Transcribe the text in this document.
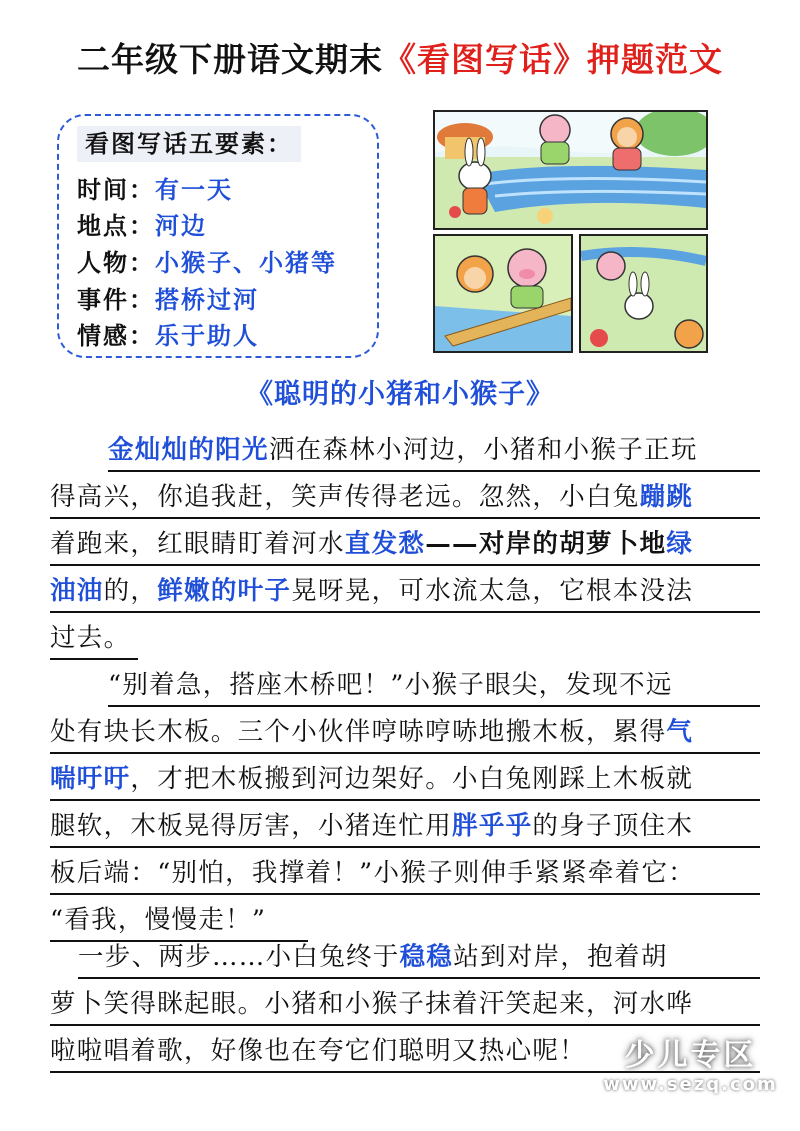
二年级下册语文期末《看图写话》押题范文
看图写话五要素：
时间：有一天
地点：河边
人物：小猴子、小猪等
事件：搭桥过河
情感：乐于助人
《聪明的小猪和小猴子》
金灿灿的阳光洒在森林小河边，小猪和小猴子正玩
得高兴，你追我赶，笑声传得老远。忽然，小白兔蹦跳
着跑来，红眼睛盯着河水直发愁——对岸的胡萝卜地绿
油油的，鲜嫩的叶子晃呀晃，可水流太急，它根本没法
过去。
“别着急，搭座木桥吧！”小猴子眼尖，发现不远
处有块长木板。三个小伙伴哼哧哼哧地搬木板，累得气
喘吁吁，才把木板搬到河边架好。小白兔刚踩上木板就
腿软，木板晃得厉害，小猪连忙用胖乎乎的身子顶住木
板后端：“别怕，我撑着！”小猴子则伸手紧紧牵着它：
“看我，慢慢走！”
一步、两步……小白兔终于稳稳站到对岸，抱着胡
萝卜笑得眯起眼。小猪和小猴子抹着汗笑起来，河水哗
啦啦唱着歌，好像也在夸它们聪明又热心呢！	少儿专区
www.sezq.com
